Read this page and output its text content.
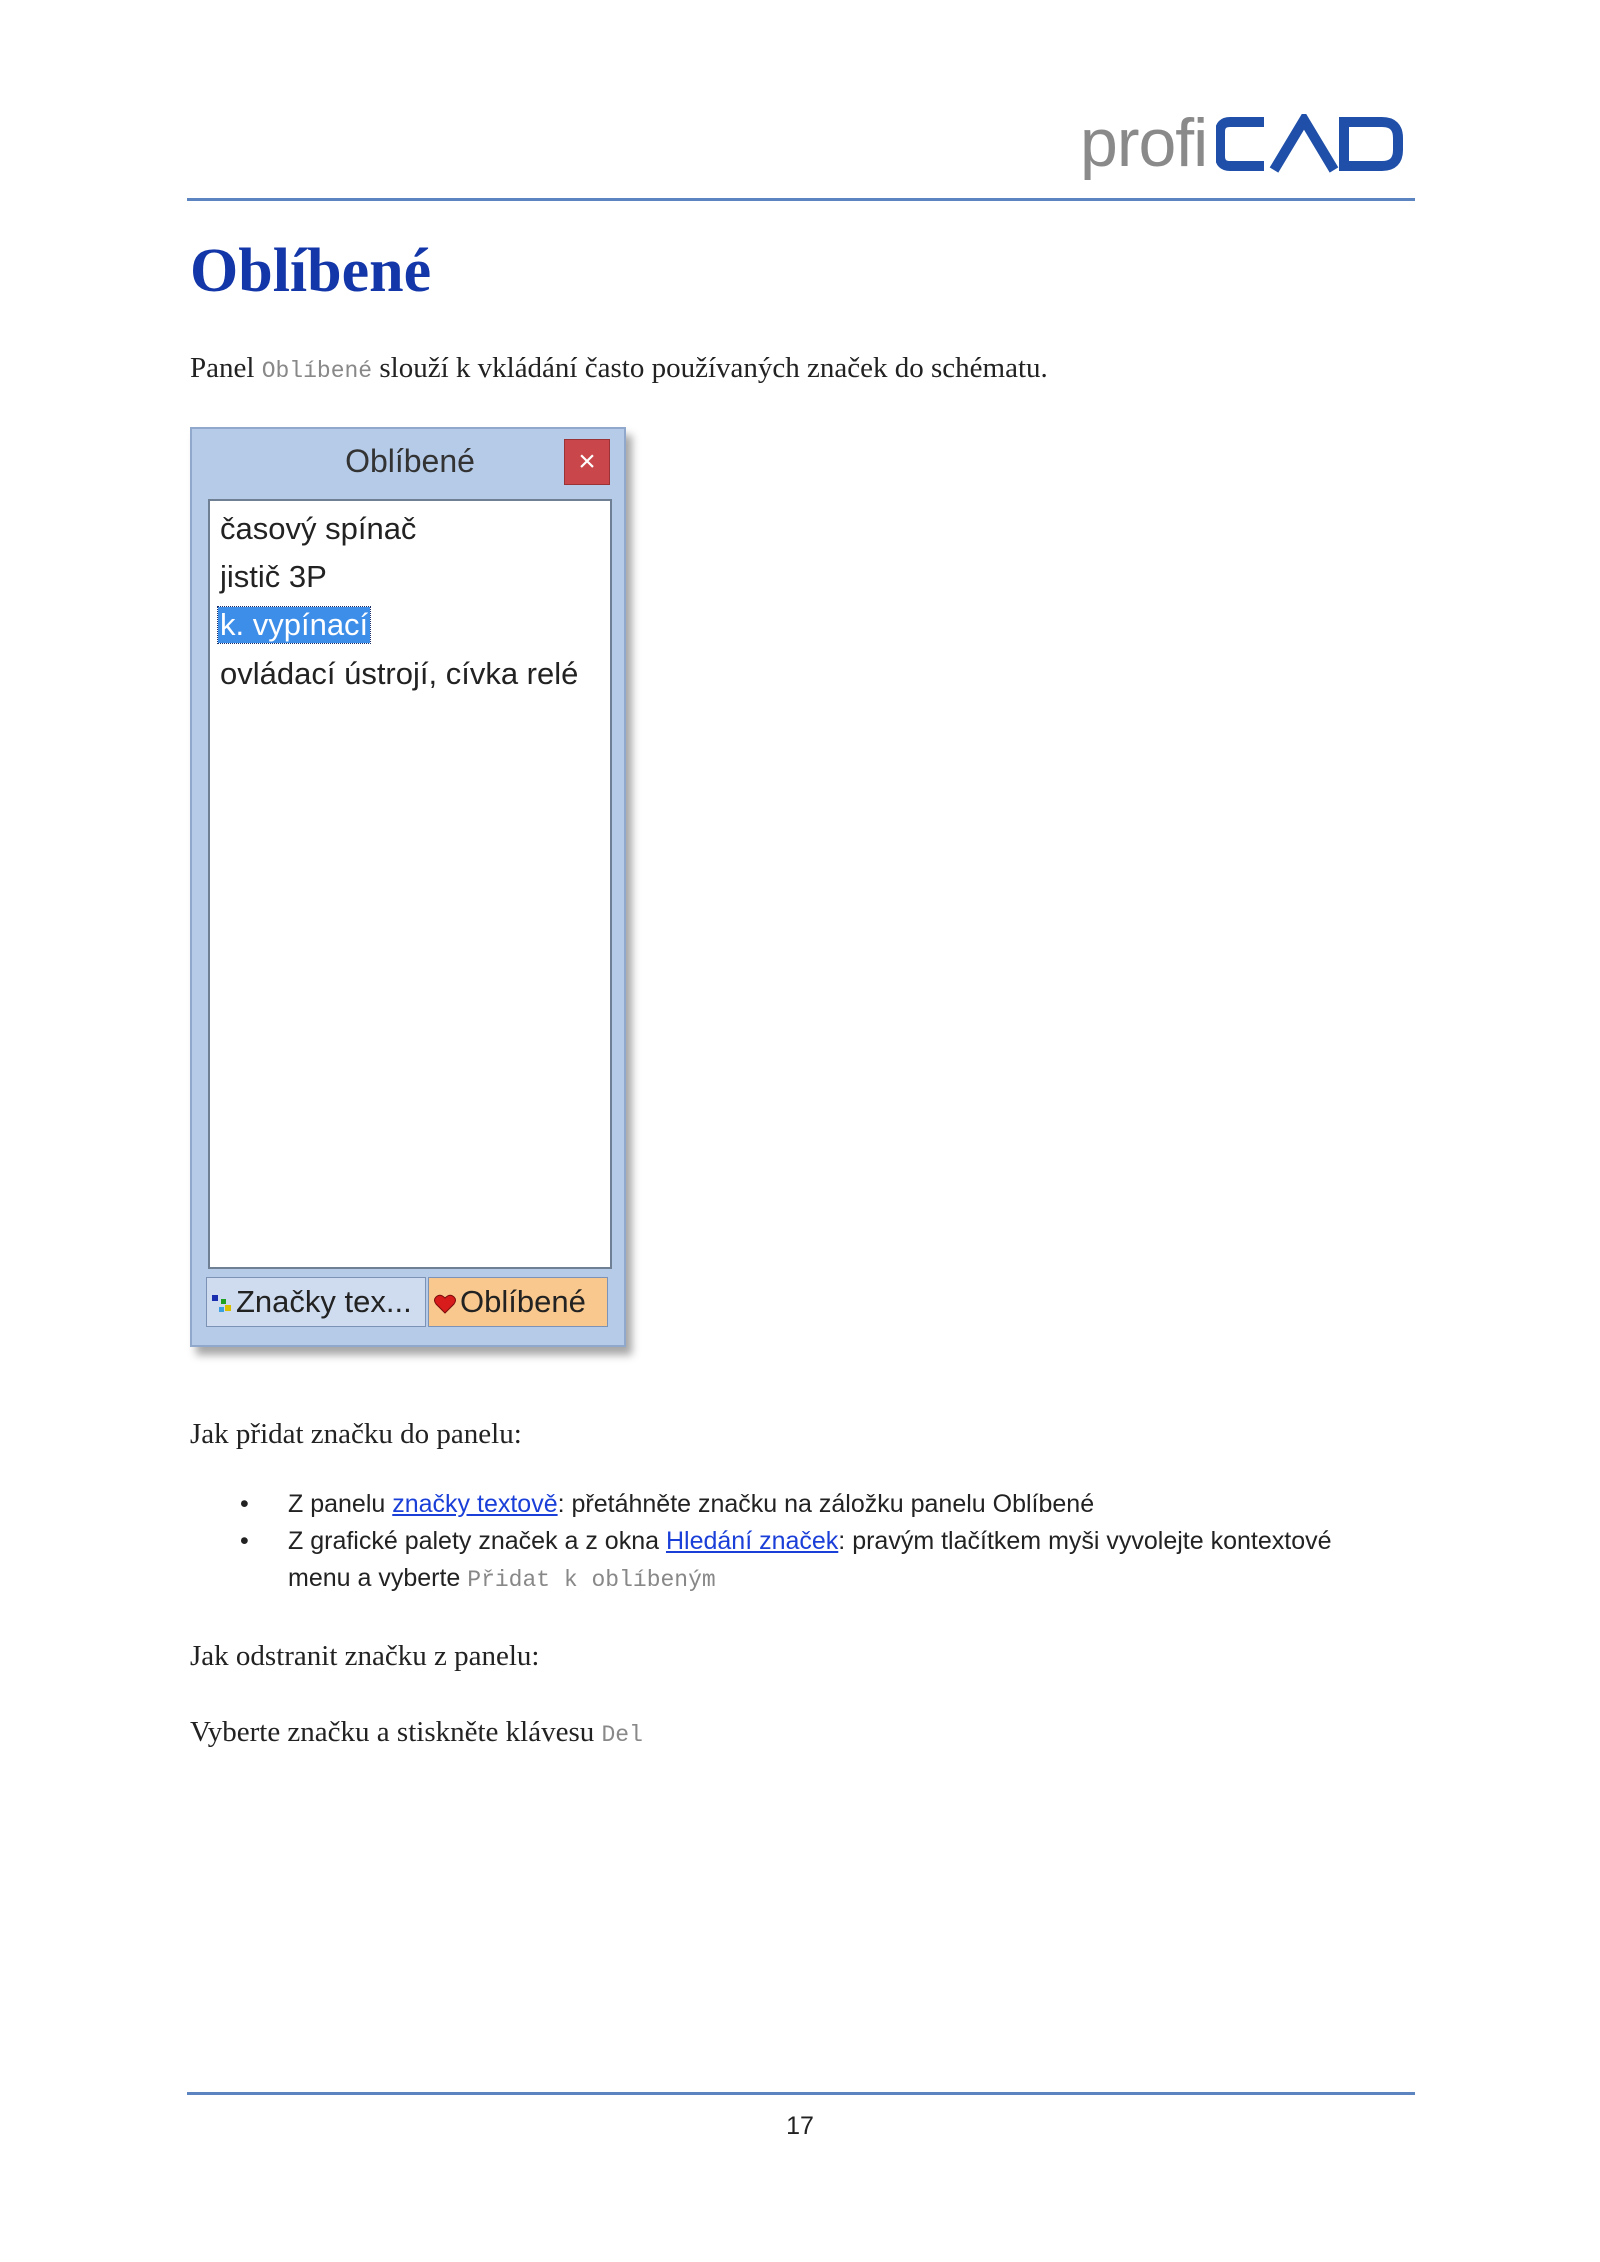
profi
Oblíbené
Panel Oblíbené slouží k vkládání často používaných značek do schématu.
Oblíbené	×
časový spínač
jistič 3P
k. vypínací
ovládací ústrojí, cívka relé
Značky tex...	Oblíbené
Jak přidat značku do panelu:
• Z panelu značky textově: přetáhněte značku na záložku panelu Oblíbené
• Z grafické palety značek a z okna Hledání značek: pravým tlačítkem myši vyvolejte kontextové
menu a vyberte Přidat k oblíbeným
Jak odstranit značku z panelu:
Vyberte značku a stiskněte klávesu Del
17
